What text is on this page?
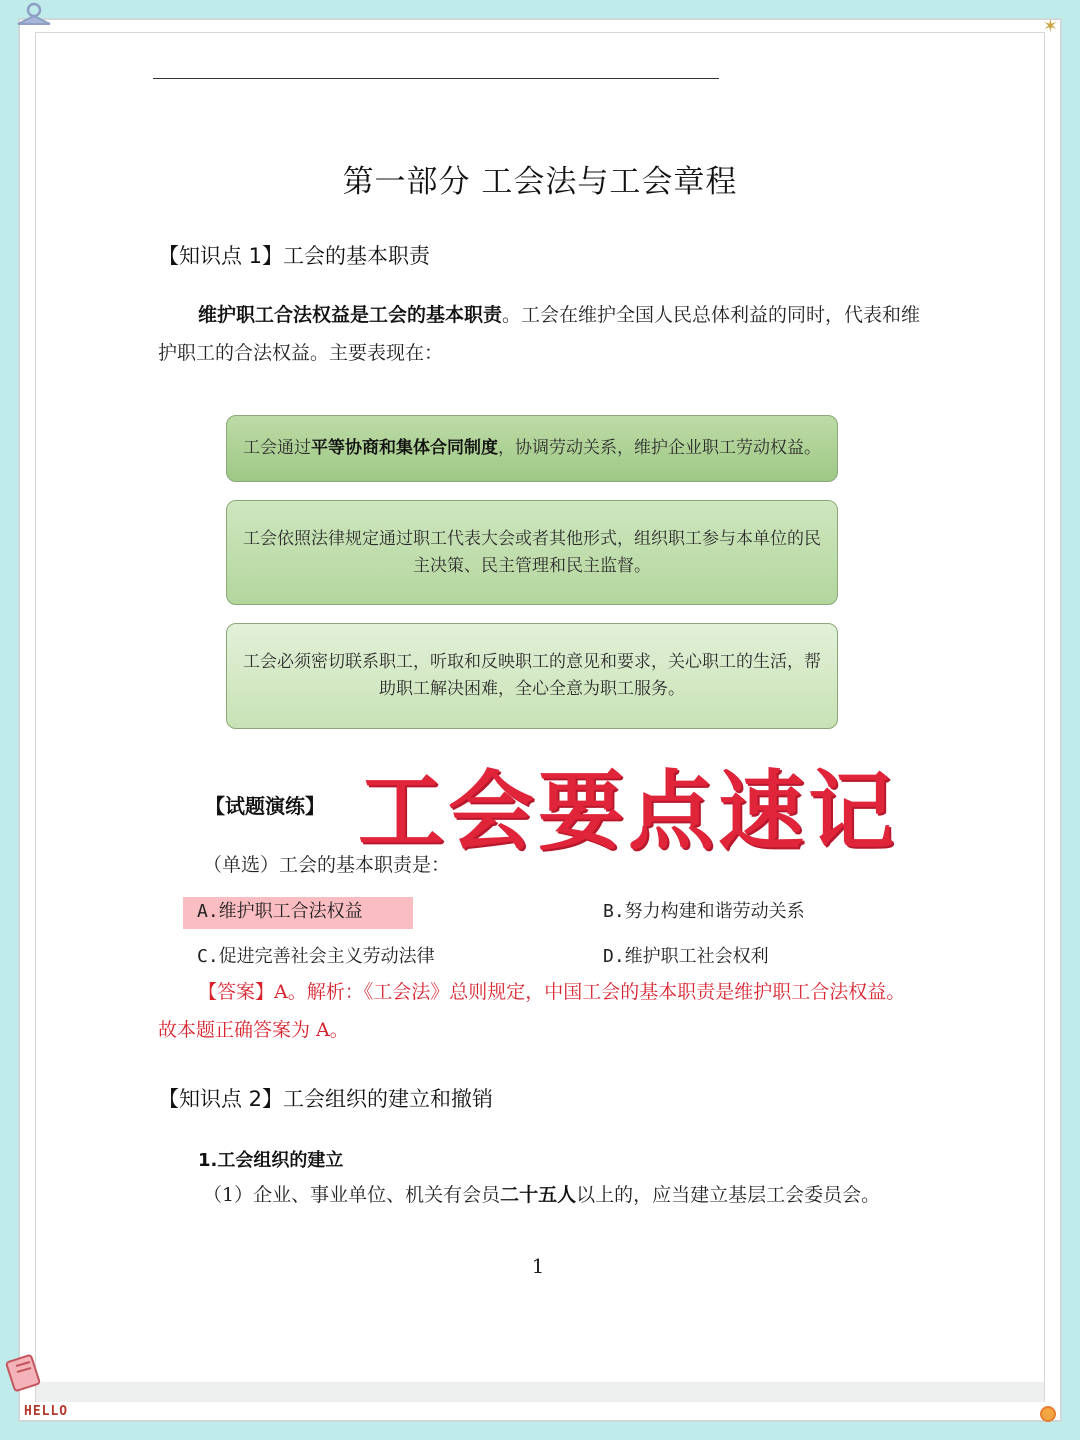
✶
第一部分 工会法与工会章程
【知识点 1】工会的基本职责
维护职工合法权益是工会的基本职责。工会在维护全国人民总体利益的同时，代表和维护职工的合法权益。主要表现在：
工会通过平等协商和集体合同制度，协调劳动关系，维护企业职工劳动权益。
工会依照法律规定通过职工代表大会或者其他形式，组织职工参与本单位的民主决策、民主管理和民主监督。
工会必须密切联系职工，听取和反映职工的意见和要求，关心职工的生活，帮助职工解决困难，全心全意为职工服务。
【试题演练】 工会要点速记
（单选）工会的基本职责是：
A.维护职工合法权益	B.努力构建和谐劳动关系
C.促进完善社会主义劳动法律	D.维护职工社会权利
【答案】A。解析：《工会法》总则规定，中国工会的基本职责是维护职工合法权益。故本题正确答案为 A。
【知识点 2】工会组织的建立和撤销
1.工会组织的建立
（1）企业、事业单位、机关有会员二十五人以上的，应当建立基层工会委员会。
1
HELLO
